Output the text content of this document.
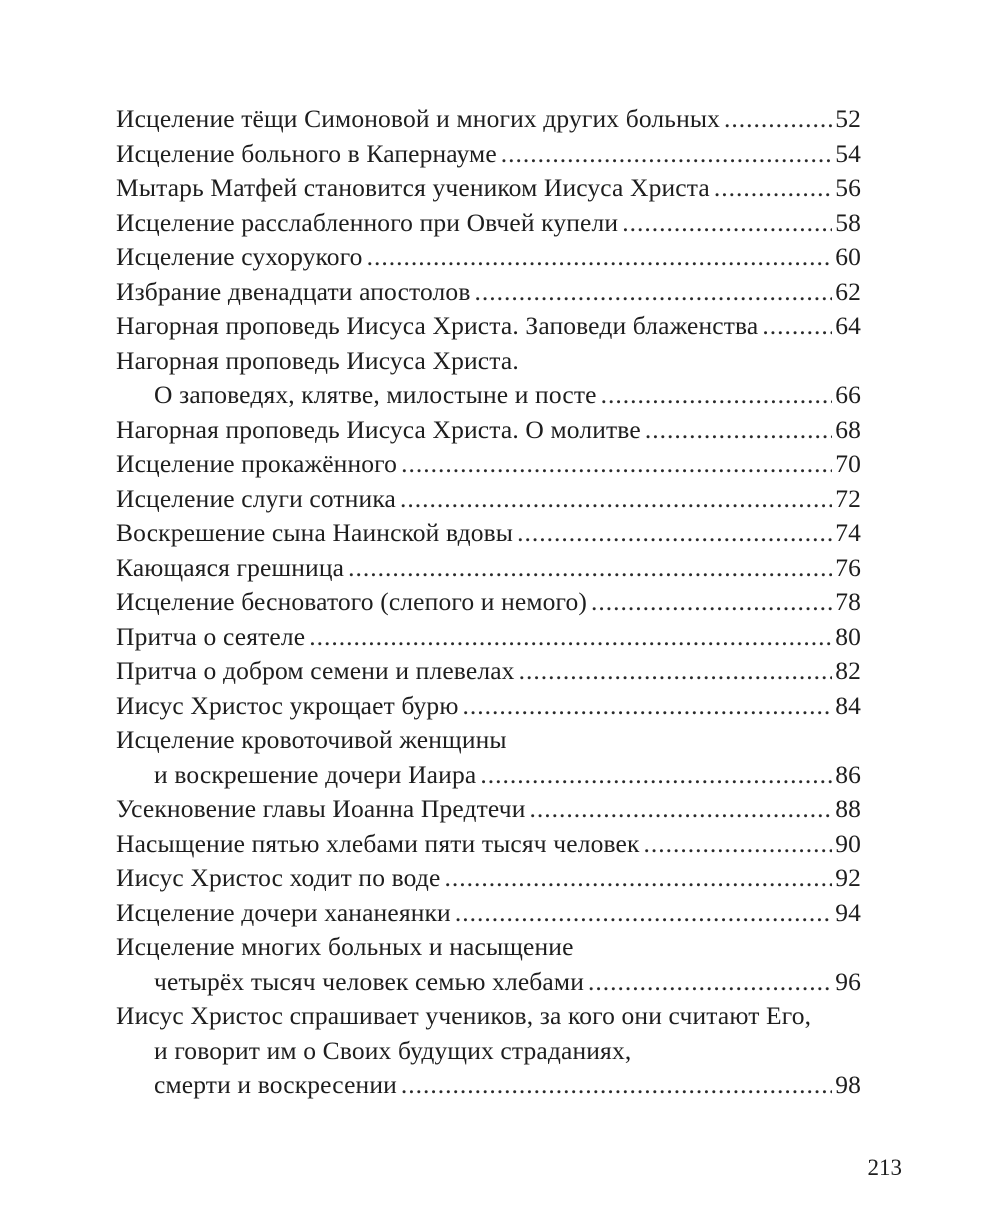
Исцеление тёщи Симоновой и многих других больных .....	52
Исцеление больного в Капернауме .....	54
Мытарь Матфей становится учеником Иисуса Христа .....	56
Исцеление расслабленного при Овчей купели .....	58
Исцеление сухорукого .....	60
Избрание двенадцати апостолов .....	62
Нагорная проповедь Иисуса Христа. Заповеди блаженства .....	64
Нагорная проповедь Иисуса Христа.
О заповедях, клятве, милостыне и посте .....	66
Нагорная проповедь Иисуса Христа. О молитве .....	68
Исцеление прокажённого .....	70
Исцеление слуги сотника .....	72
Воскрешение сына Наинской вдовы .....	74
Кающаяся грешница .....	76
Исцеление бесноватого (слепого и немого) .....	78
Притча о сеятеле .....	80
Притча о добром семени и плевелах .....	82
Иисус Христос укрощает бурю .....	84
Исцеление кровоточивой женщины
и воскрешение дочери Иаира .....	86
Усекновение главы Иоанна Предтечи .....	88
Насыщение пятью хлебами пяти тысяч человек .....	90
Иисус Христос ходит по воде .....	92
Исцеление дочери хананеянки .....	94
Исцеление многих больных и насыщение
четырёх тысяч человек семью хлебами .....	96
Иисус Христос спрашивает учеников, за кого они считают Его,
и говорит им о Своих будущих страданиях,
смерти и воскресении .....	98
213
